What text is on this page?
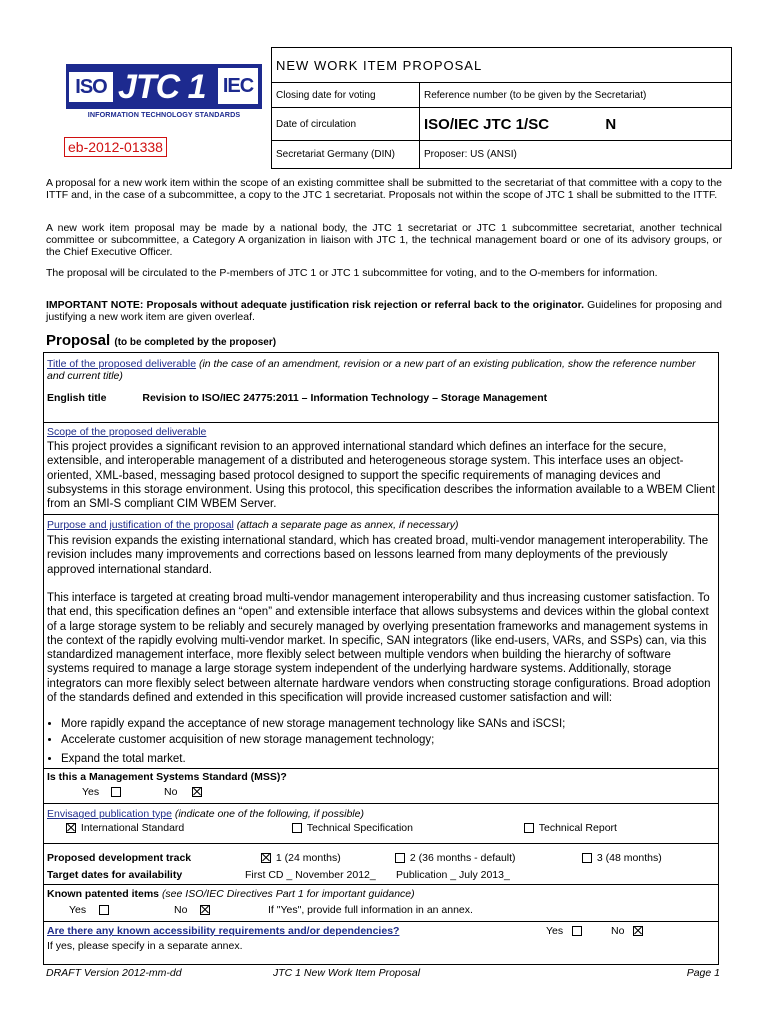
ISO JTC 1 IEC
INFORMATION TECHNOLOGY STANDARDS
eb-2012-01338
NEW WORK ITEM PROPOSAL	
Closing date for voting	Reference number (to be given by the Secretariat)
Date of circulation	ISO/IEC JTC 1/SC N
Secretariat Germany (DIN)	Proposer: US (ANSI)
A proposal for a new work item within the scope of an existing committee shall be submitted to the secretariat of that committee with a copy to the ITTF and, in the case of a subcommittee, a copy to the JTC 1 secretariat. Proposals not within the scope of JTC 1 shall be submitted to the ITTF.
A new work item proposal may be made by a national body, the JTC 1 secretariat or JTC 1 subcommittee secretariat, another technical committee or subcommittee, a Category A organization in liaison with JTC 1, the technical management board or one of its advisory groups, or the Chief Executive Officer.
The proposal will be circulated to the P-members of JTC 1 or JTC 1 subcommittee for voting, and to the O-members for information.
IMPORTANT NOTE: Proposals without adequate justification risk rejection or referral back to the originator. Guidelines for proposing and justifying a new work item are given overleaf.
Proposal (to be completed by the proposer)
Title of the proposed deliverable (in the case of an amendment, revision or a new part of an existing publication, show the reference number and current title)
English title	Revision to ISO/IEC 24775:2011 – Information Technology – Storage Management
Scope of the proposed deliverable
This project provides a significant revision to an approved international standard which defines an interface for the secure, extensible, and interoperable management of a distributed and heterogeneous storage system. This interface uses an object-oriented, XML-based, messaging based protocol designed to support the specific requirements of managing devices and subsystems in this storage environment. Using this protocol, this specification describes the information available to a WBEM Client from an SMI-S compliant CIM WBEM Server.
Purpose and justification of the proposal (attach a separate page as annex, if necessary)
This revision expands the existing international standard, which has created broad, multi-vendor management interoperability. The revision includes many improvements and corrections based on lessons learned from many deployments of the previously approved international standard.
This interface is targeted at creating broad multi-vendor management interoperability and thus increasing customer satisfaction. To that end, this specification defines an “open” and extensible interface that allows subsystems and devices within the global context of a large storage system to be reliably and securely managed by overlying presentation frameworks and management systems in the context of the rapidly evolving multi-vendor market. In specific, SAN integrators (like end-users, VARs, and SSPs) can, via this standardized management interface, more flexibly select between multiple vendors when building the hierarchy of software systems required to manage a large storage system independent of the underlying hardware systems. Additionally, storage integrators can more flexibly select between alternate hardware vendors when constructing storage configurations. Broad adoption of the standards defined and extended in this specification will provide increased customer satisfaction and will:
• More rapidly expand the acceptance of new storage management technology like SANs and iSCSI;
• Accelerate customer acquisition of new storage management technology;
• Expand the total market.
Is this a Management Systems Standard (MSS)?
Yes	No
Envisaged publication type (indicate one of the following, if possible)
International Standard	Technical Specification	Technical Report
Proposed development track	1 (24 months)	2 (36 months - default)	3 (48 months)
Target dates for availability	First CD _ November 2012_ Publication _ July 2013_
Known patented items (see ISO/IEC Directives Part 1 for important guidance)
Yes	No	If "Yes", provide full information in an annex.
Are there any known accessibility requirements and/or dependencies?	Yes	No
If yes, please specify in a separate annex.
DRAFT Version 2012-mm-dd	JTC 1 New Work Item Proposal	Page 1
